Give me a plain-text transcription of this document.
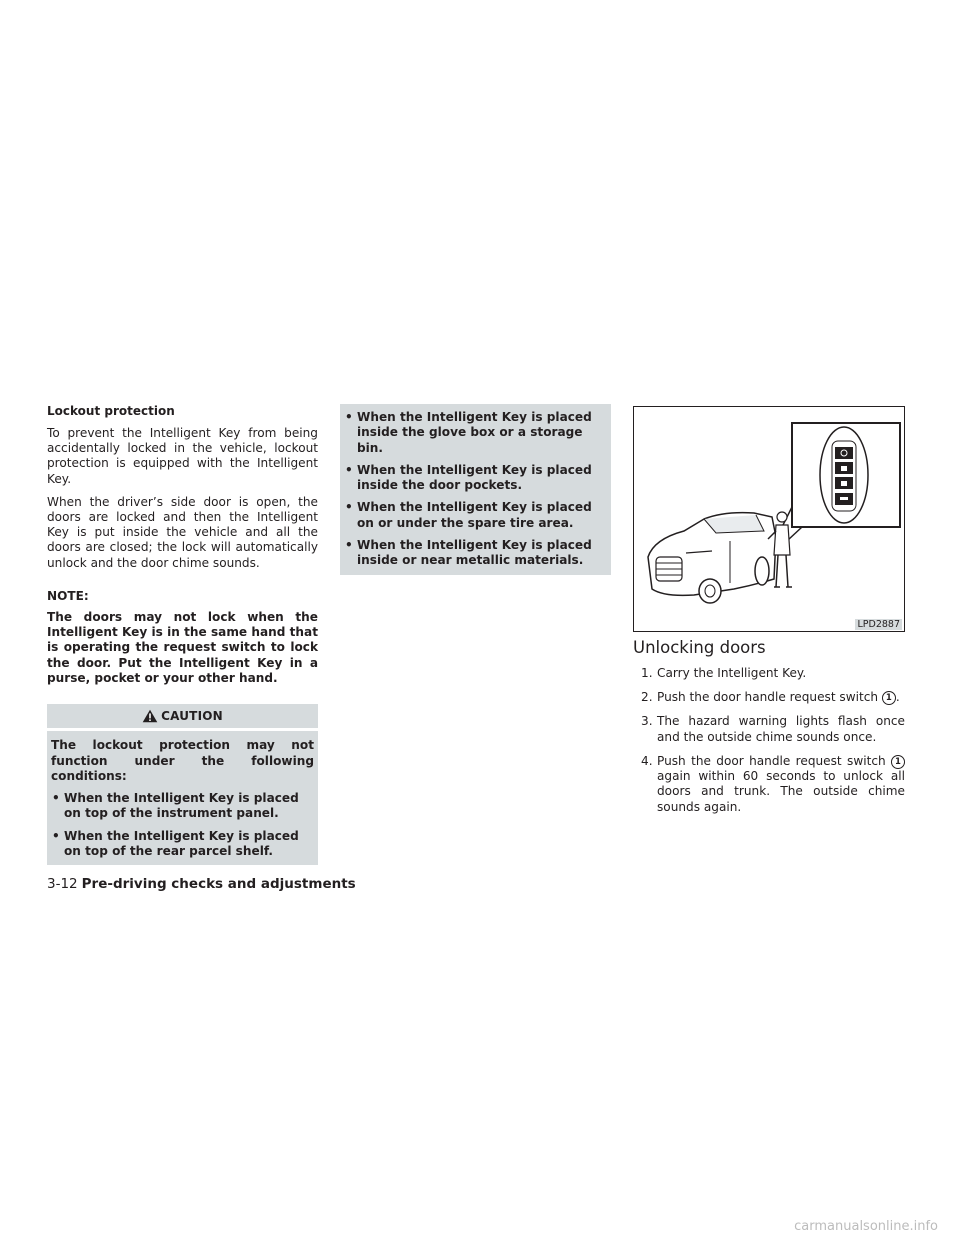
Lockout protection
To prevent the Intelligent Key from being accidentally locked in the vehicle, lockout protection is equipped with the Intelligent Key.
When the driver’s side door is open, the doors are locked and then the Intelligent Key is put inside the vehicle and all the doors are closed; the lock will automatically unlock and the door chime sounds.
NOTE:
The doors may not lock when the Intelligent Key is in the same hand that is operating the request switch to lock the door. Put the Intelligent Key in a purse, pocket or your other hand.
CAUTION
The lockout protection may not function under the following conditions:
• When the Intelligent Key is placed on top of the instrument panel.
• When the Intelligent Key is placed on top of the rear parcel shelf.
• When the Intelligent Key is placed inside the glove box or a storage bin.
• When the Intelligent Key is placed inside the door pockets.
• When the Intelligent Key is placed on or under the spare tire area.
• When the Intelligent Key is placed inside or near metallic materials.
LPD2887
Unlocking doors
1. Carry the Intelligent Key.
2. Push the door handle request switch 1 .
3. The hazard warning lights flash once and the outside chime sounds once.
4. Push the door handle request switch 1 again within 60 seconds to unlock all doors and trunk. The outside chime sounds again.
3-12 Pre-driving checks and adjustments
carmanualsonline.info
